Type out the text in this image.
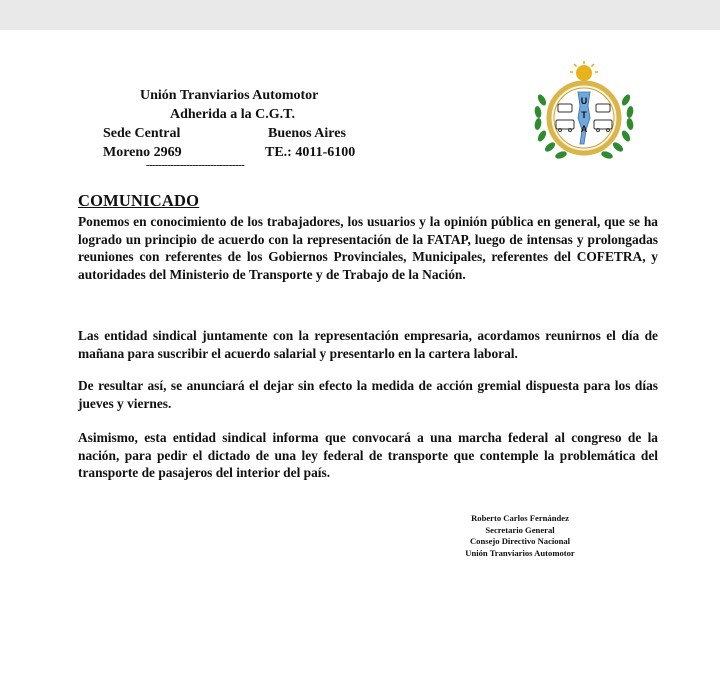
Unión Tranviarios Automotor
Adherida a la C.G.T.
Sede Central	Buenos Aires
Moreno 2969	TE.: 4011-6100
--------------------------------
U
T
A
COMUNICADO

Ponemos en conocimiento de los trabajadores, los usuarios y la opinión pública en general, que se ha logrado un principio de acuerdo con la representación de la FATAP, luego de intensas y prolongadas reuniones con referentes de los Gobiernos Provinciales, Municipales, referentes del COFETRA, y autoridades del Ministerio de Transporte y de Trabajo de la Nación.

Las entidad sindical juntamente con la representación empresaria, acordamos reunirnos el día de mañana para suscribir el acuerdo salarial y presentarlo en la cartera laboral.

De resultar así, se anunciará el dejar sin efecto la medida de acción gremial dispuesta para los días jueves y viernes.

Asimismo, esta entidad sindical informa que convocará a una marcha federal al congreso de la nación, para pedir el dictado de una ley federal de transporte que contemple la problemática del transporte de pasajeros del interior del país.

Roberto Carlos Fernández
Secretario General
Consejo Directivo Nacional
Unión Tranviarios Automotor
